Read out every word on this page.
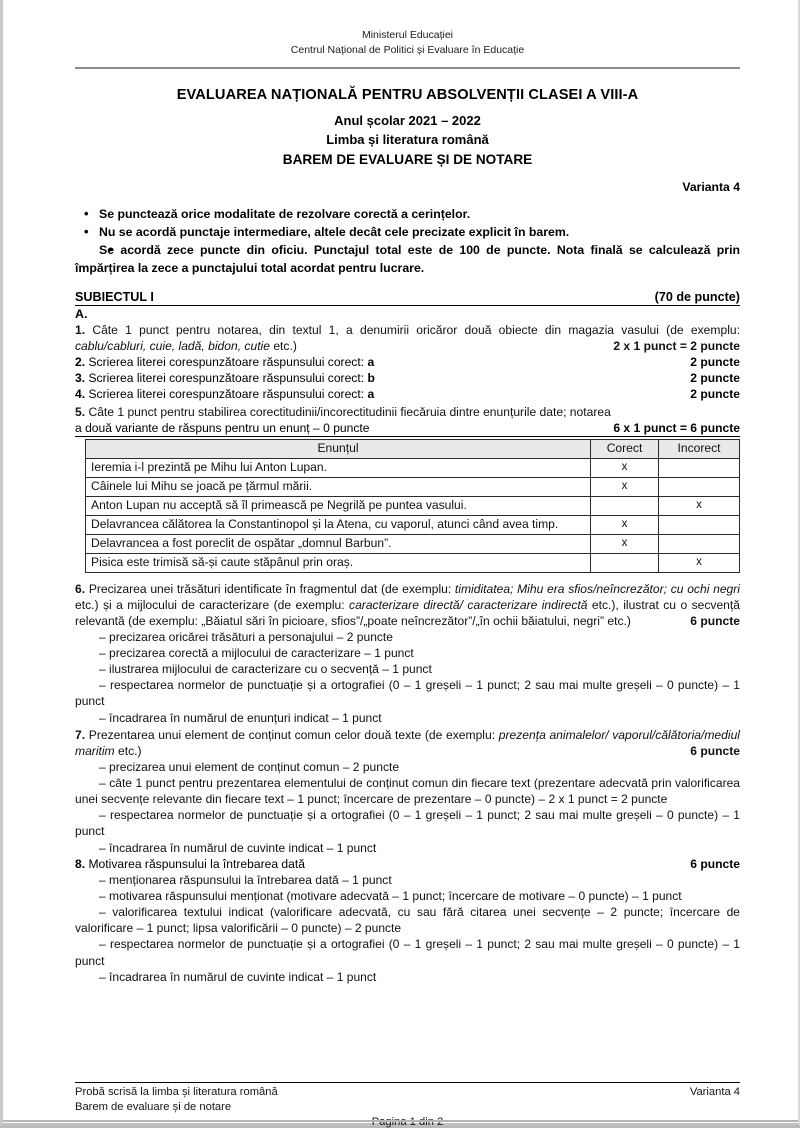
Ministerul Educației
Centrul Național de Politici și Evaluare în Educație
EVALUAREA NAȚIONALĂ PENTRU ABSOLVENȚII CLASEI A VIII-A
Anul școlar 2021 – 2022
Limba și literatura română
BAREM DE EVALUARE ȘI DE NOTARE
Varianta 4
• Se punctează orice modalitate de rezolvare corectă a cerințelor.
• Nu se acordă punctaje intermediare, altele decât cele precizate explicit în barem.
• Se acordă zece puncte din oficiu. Punctajul total este de 100 de puncte. Nota finală se calculează prin împărțirea la zece a punctajului total acordat pentru lucrare.
SUBIECTUL I	(70 de puncte)
A.
1. Câte 1 punct pentru notarea, din textul 1, a denumirii oricăror două obiecte din magazia vasului (de exemplu: cablu/cabluri, cuie, ladă, bidon, cutie etc.)	2 x 1 punct = 2 puncte
2. Scrierea literei corespunzătoare răspunsului corect: a	2 puncte
3. Scrierea literei corespunzătoare răspunsului corect: b	2 puncte
4. Scrierea literei corespunzătoare răspunsului corect: a	2 puncte
5. Câte 1 punct pentru stabilirea corectitudinii/incorectitudinii fiecăruia dintre enunțurile date; notarea
a două variante de răspuns pentru un enunț – 0 puncte	6 x 1 punct = 6 puncte
Enunțul	Corect	Incorect
Ieremia i-l prezintă pe Mihu lui Anton Lupan.	x	
Câinele lui Mihu se joacă pe țărmul mării.	x	
Anton Lupan nu acceptă să îl primească pe Negrilă pe puntea vasului.		x
Delavrancea călătorea la Constantinopol și la Atena, cu vaporul, atunci când avea timp.	x	
Delavrancea a fost poreclit de ospătar „domnul Barbun”.	x	
Pisica este trimisă să-și caute stăpânul prin oraș.		x
6. Precizarea unei trăsături identificate în fragmentul dat (de exemplu: timiditatea; Mihu era sfios/neîncrezător; cu ochi negri etc.) și a mijlocului de caracterizare (de exemplu: caracterizare directă/ caracterizare indirectă etc.), ilustrat cu o secvență relevantă (de exemplu: „Băiatul sări în picioare, sfios”/„poate neîncrezător”/„în ochii băiatului, negri” etc.)	6 puncte
– precizarea oricărei trăsături a personajului – 2 puncte
– precizarea corectă a mijlocului de caracterizare – 1 punct
– ilustrarea mijlocului de caracterizare cu o secvență – 1 punct
– respectarea normelor de punctuație și a ortografiei (0 – 1 greșeli – 1 punct; 2 sau mai multe greșeli – 0 puncte) – 1 punct
– încadrarea în numărul de enunțuri indicat – 1 punct
7. Prezentarea unui element de conținut comun celor două texte (de exemplu: prezența animalelor/ vaporul/călătoria/mediul maritim etc.)	6 puncte
– precizarea unui element de conținut comun – 2 puncte
– câte 1 punct pentru prezentarea elementului de conținut comun din fiecare text (prezentare adecvată prin valorificarea unei secvențe relevante din fiecare text – 1 punct; încercare de prezentare – 0 puncte) – 2 x 1 punct = 2 puncte
– respectarea normelor de punctuație și a ortografiei (0 – 1 greșeli – 1 punct; 2 sau mai multe greșeli – 0 puncte) – 1 punct
– încadrarea în numărul de cuvinte indicat – 1 punct
8. Motivarea răspunsului la întrebarea dată	6 puncte
– menționarea răspunsului la întrebarea dată – 1 punct
– motivarea răspunsului menționat (motivare adecvată – 1 punct; încercare de motivare – 0 puncte) – 1 punct
– valorificarea textului indicat (valorificare adecvată, cu sau fără citarea unei secvențe – 2 puncte; încercare de valorificare – 1 punct; lipsa valorificării – 0 puncte) – 2 puncte
– respectarea normelor de punctuație și a ortografiei (0 – 1 greșeli – 1 punct; 2 sau mai multe greșeli – 0 puncte) – 1 punct
– încadrarea în numărul de cuvinte indicat – 1 punct
Probă scrisă la limba și literatura română	Varianta 4
Barem de evaluare și de notare
Pagina 1 din 2
